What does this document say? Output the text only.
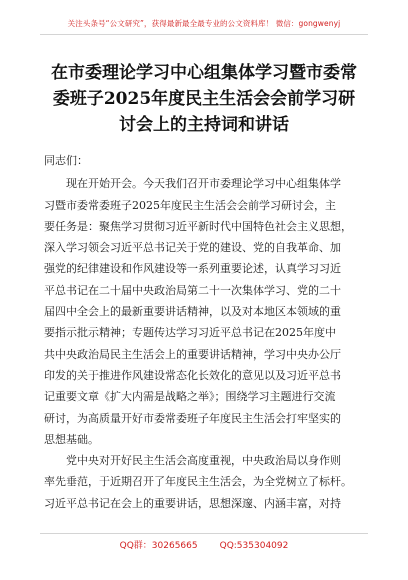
关注头条号“公文研究”，获得最新最全最专业的公文资料库！ 微信：gongwenyj
在市委理论学习中心组集体学习暨市委常
委班子2025年度民主生活会会前学习研
讨会上的主持词和讲话
同志们：
现在开始开会。今天我们召开市委理论学习中心组集体学
习暨市委常委班子2025年度民主生活会会前学习研讨会，主
要任务是：聚焦学习贯彻习近平新时代中国特色社会主义思想，
深入学习领会习近平总书记关于党的建设、党的自我革命、加
强党的纪律建设和作风建设等一系列重要论述，认真学习习近
平总书记在二十届中央政治局第二十一次集体学习、党的二十
届四中全会上的最新重要讲话精神，以及对本地区本领域的重
要指示批示精神；专题传达学习习近平总书记在2025年度中
共中央政治局民主生活会上的重要讲话精神，学习中央办公厅
印发的关于推进作风建设常态化长效化的意见以及习近平总书
记重要文章《扩大内需是战略之举》；围绕学习主题进行交流
研讨，为高质量开好市委常委班子年度民主生活会打牢坚实的
思想基础。
党中央对开好民主生活会高度重视，中央政治局以身作则
率先垂范，于近期召开了年度民主生活会，为全党树立了标杆。
习近平总书记在会上的重要讲话，思想深邃、内涵丰富，对持
QQ群：30265665 QQ:535304092
